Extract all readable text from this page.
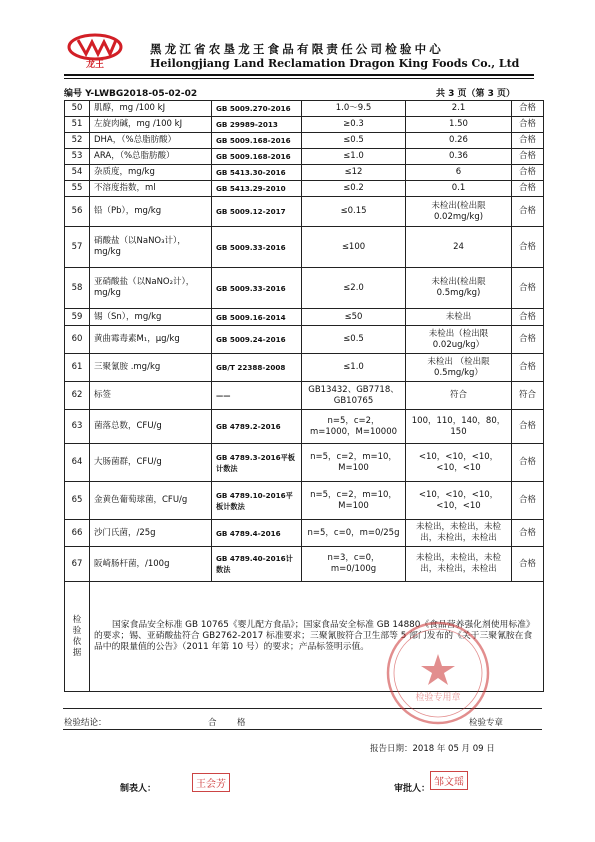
龙王
黑龙江省农垦龙王食品有限责任公司检验中心
Heilongjiang Land Reclamation Dragon King Foods Co., Ltd
编号 Y-LWBG2018-05-02-02	共 3 页（第 3 页）
50	肌醇，mg /100 kJ	GB 5009.270-2016	1.0～9.5	2.1	合格
51	左旋肉碱，mg /100 kJ	GB 29989-2013	≥0.3	1.50	合格
52	DHA，（%总脂肪酸）	GB 5009.168-2016	≤0.5	0.26	合格
53	ARA，（%总脂肪酸）	GB 5009.168-2016	≤1.0	0.36	合格
54	杂质度，mg/kg	GB 5413.30-2016	≤12	6	合格
55	不溶度指数，ml	GB 5413.29-2010	≤0.2	0.1	合格
56	铅（Pb），mg/kg	GB 5009.12-2017	≤0.15	未检出(检出限 0.02mg/kg)	合格
57	硝酸盐（以NaNO₃计），mg/kg	GB 5009.33-2016	≤100	24	合格
58	亚硝酸盐（以NaNO₂计），mg/kg	GB 5009.33-2016	≤2.0	未检出(检出限 0.5mg/kg)	合格
59	锡（Sn），mg/kg	GB 5009.16-2014	≤50	未检出	合格
60	黄曲霉毒素M₁，μg/kg	GB 5009.24-2016	≤0.5	未检出（检出限 0.02ug/kg）	合格
61	三聚氰胺 .mg/kg	GB/T 22388-2008	≤1.0	未检出 （检出限 0.5mg/kg）	合格
62	标签	——	GB13432、GB7718、GB10765	符合	符合
63	菌落总数，CFU/g	GB 4789.2-2016	n=5，c=2，m=1000，M=10000	100，110，140，80，150	合格
64	大肠菌群，CFU/g	GB 4789.3-2016平板计数法	n=5，c=2，m=10，M=100	<10，<10，<10，<10，<10	合格
65	金黄色葡萄球菌，CFU/g	GB 4789.10-2016平板计数法	n=5，c=2，m=10，M=100	<10，<10，<10，<10，<10	合格
66	沙门氏菌，/25g	GB 4789.4-2016	n=5，c=0，m=0/25g	未检出，未检出，未检出，未检出，未检出	合格
67	阪崎肠杆菌，/100g	GB 4789.40-2016计数法	n=3，c=0，m=0/100g	未检出，未检出，未检出，未检出，未检出	合格
检
验
依
据	国家食品安全标准 GB 10765《婴儿配方食品》；国家食品安全标准 GB 14880《食品营养强化剂使用标准》的要求；锡、亚硝酸盐符合 GB2762-2017 标准要求；三聚氰胺符合卫生部等 5 部门发布的《关于三聚氰胺在食品中的限量值的公告》（2011 年第 10 号）的要求；产品标签明示值。				
检验结论：	合　格	检验专章
报告日期：2018 年 05 月 09 日
检验专用章
制表人：	王会芳	审批人：
邹文瑶
